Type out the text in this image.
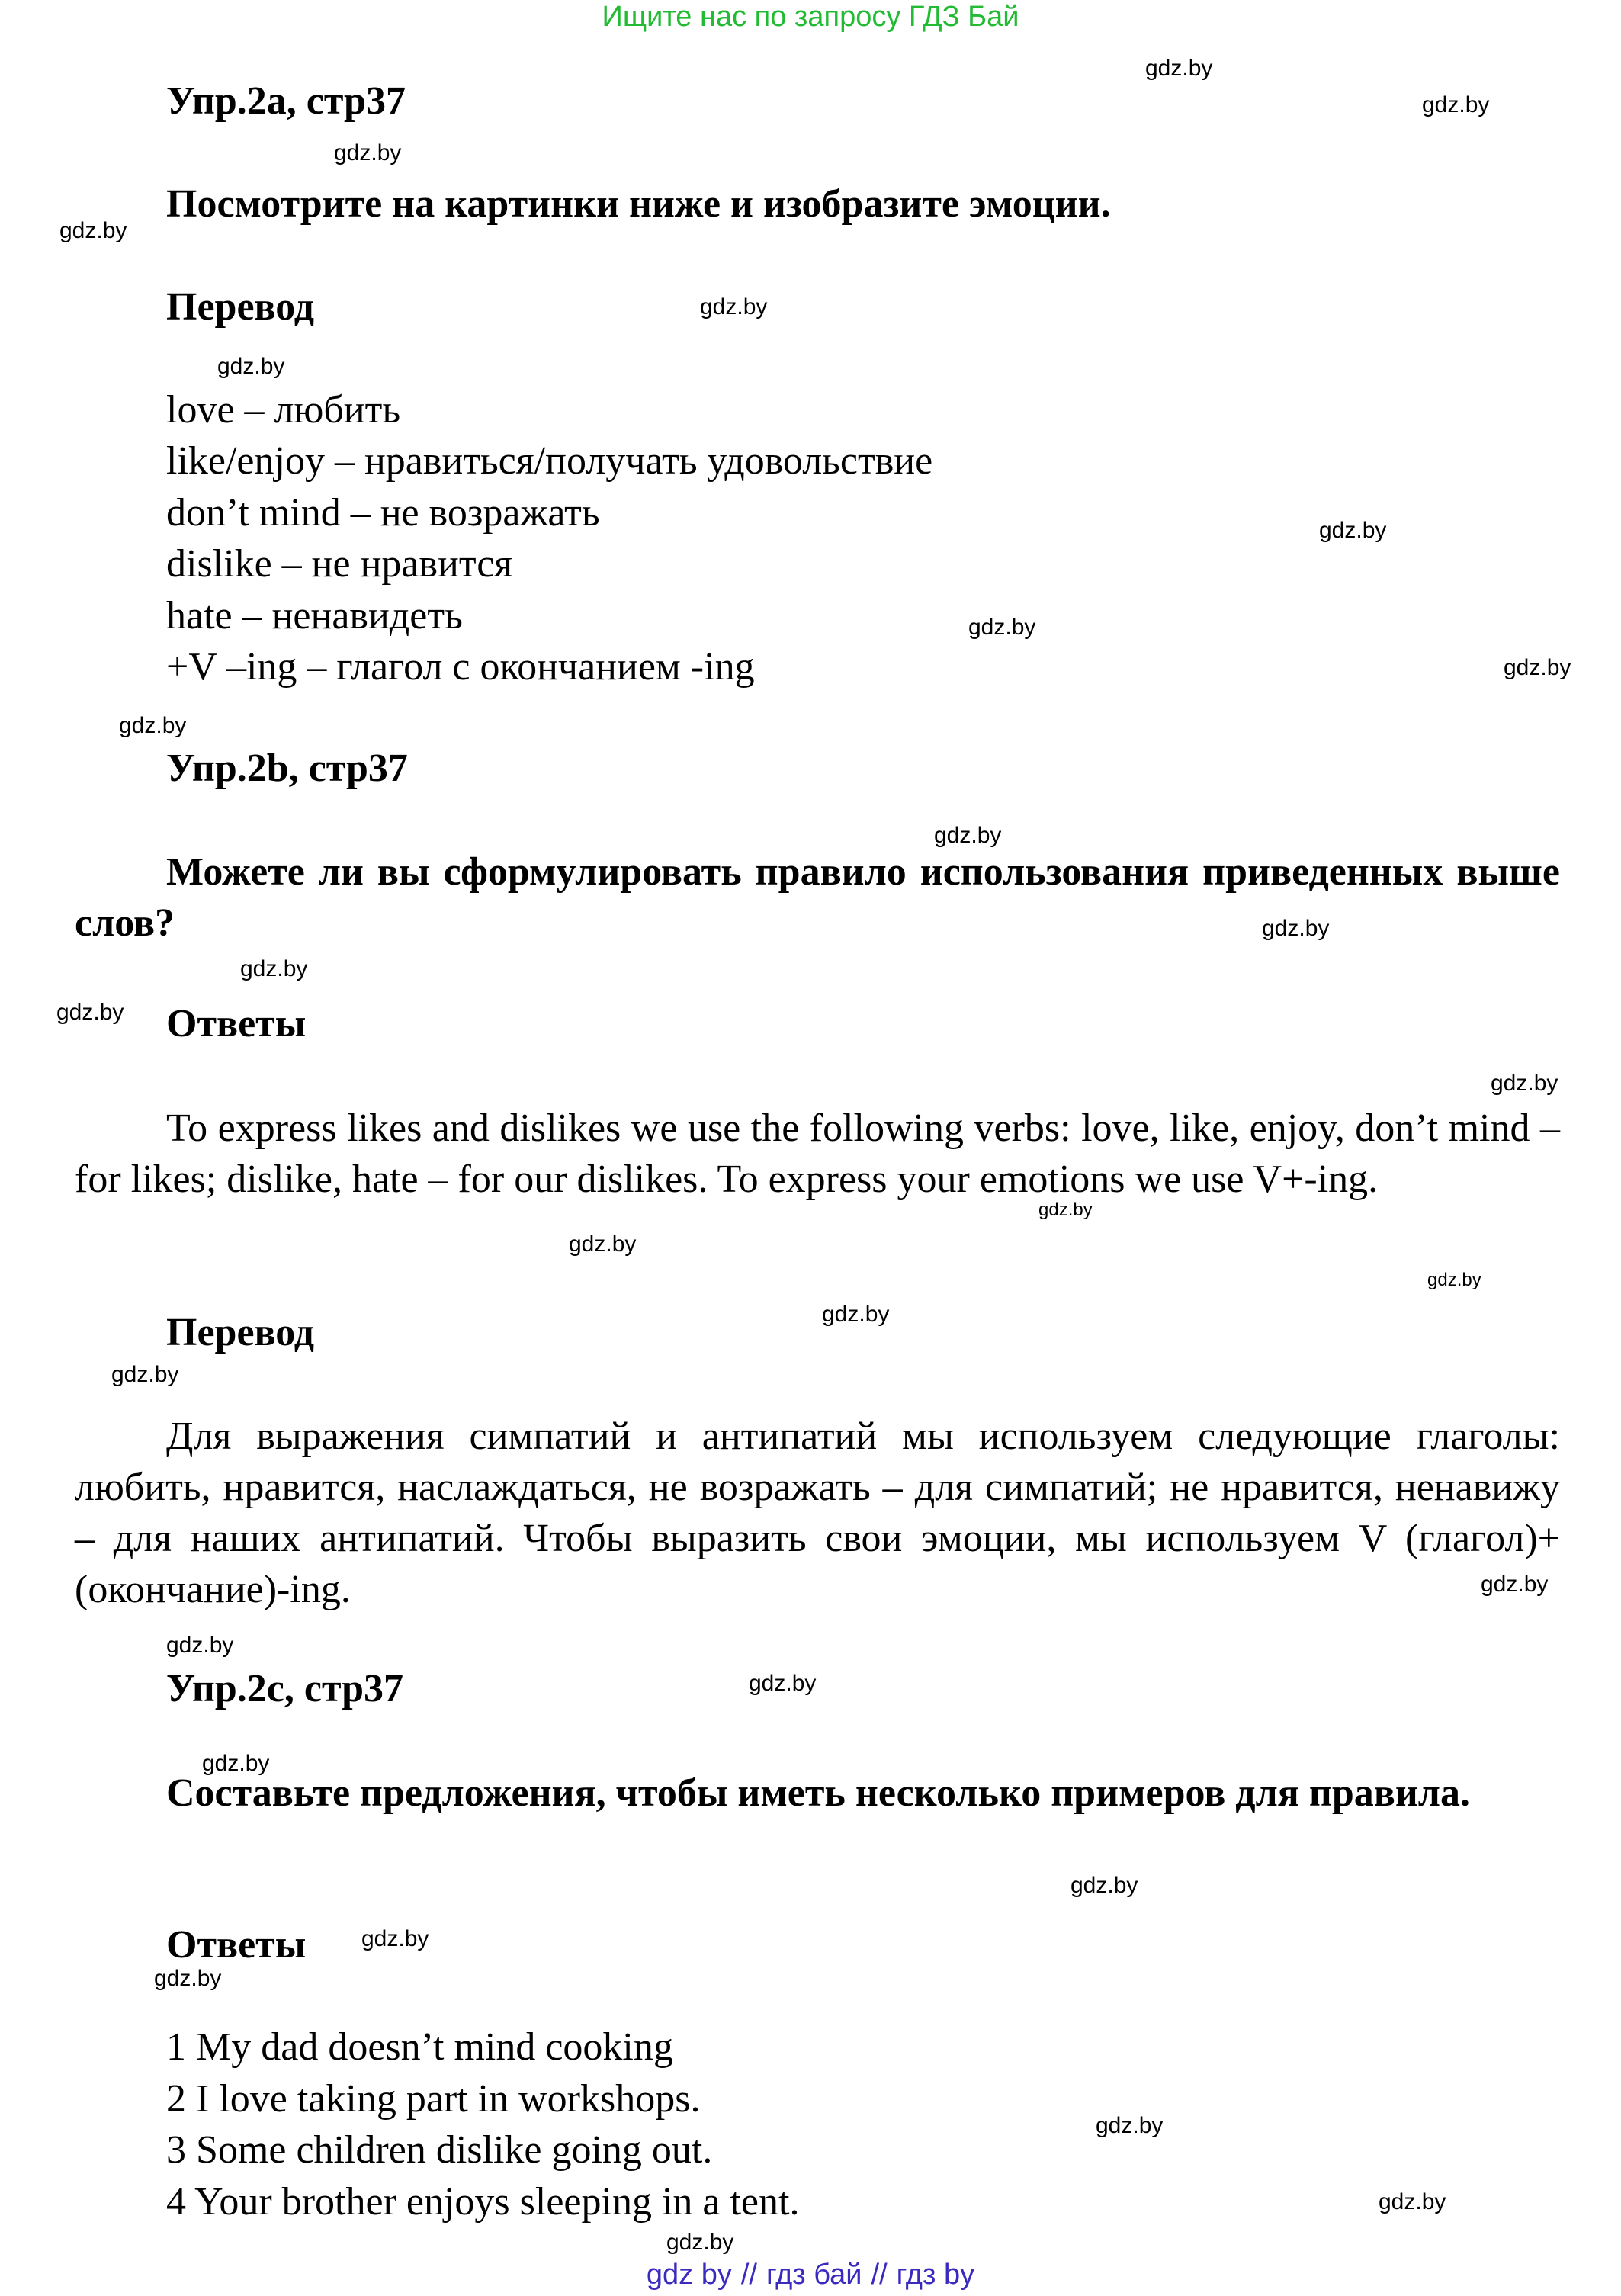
Ищите нас по запросу ГДЗ Бай
Упр.2а, стр37
Посмотрите на картинки ниже и изобразите эмоции.
Перевод
love – любить
like/enjoy – нравиться/получать удовольствие
don’t mind – не возражать
dislike – не нравится
hate – ненавидеть
+V –ing – глагол с окончанием -ing
Упр.2b, стр37
Можете ли вы сформулировать правило использования приведенных выше слов?
Ответы
To express likes and dislikes we use the following verbs: love, like, enjoy, don’t mind – for likes; dislike, hate – for our dislikes. To express your emotions we use V+-ing.
Перевод
Для выражения симпатий и антипатий мы используем следующие глаголы: любить, нравится, наслаждаться, не возражать – для симпатий; не нравится, ненавижу – для наших антипатий. Чтобы выразить свои эмоции, мы используем V (глагол)+(окончание)-ing.
Упр.2с, стр37
Составьте предложения, чтобы иметь несколько примеров для правила.
Ответы
1 My dad doesn’t mind cooking
2 I love taking part in workshops.
3 Some children dislike going out.
4 Your brother enjoys sleeping in a tent.
gdz.by
gdz.by
gdz.by
gdz.by
gdz.by
gdz.by
gdz.by
gdz.by
gdz.by
gdz.by
gdz.by
gdz.by
gdz.by
gdz.by
gdz.by
gdz.by
gdz.by
gdz.by
gdz.by
gdz.by
gdz.by
gdz.by
gdz.by
gdz.by
gdz.by
gdz.by
gdz.by
gdz.by
gdz.by
gdz.by
gdz by // гдз бай // гдз by
